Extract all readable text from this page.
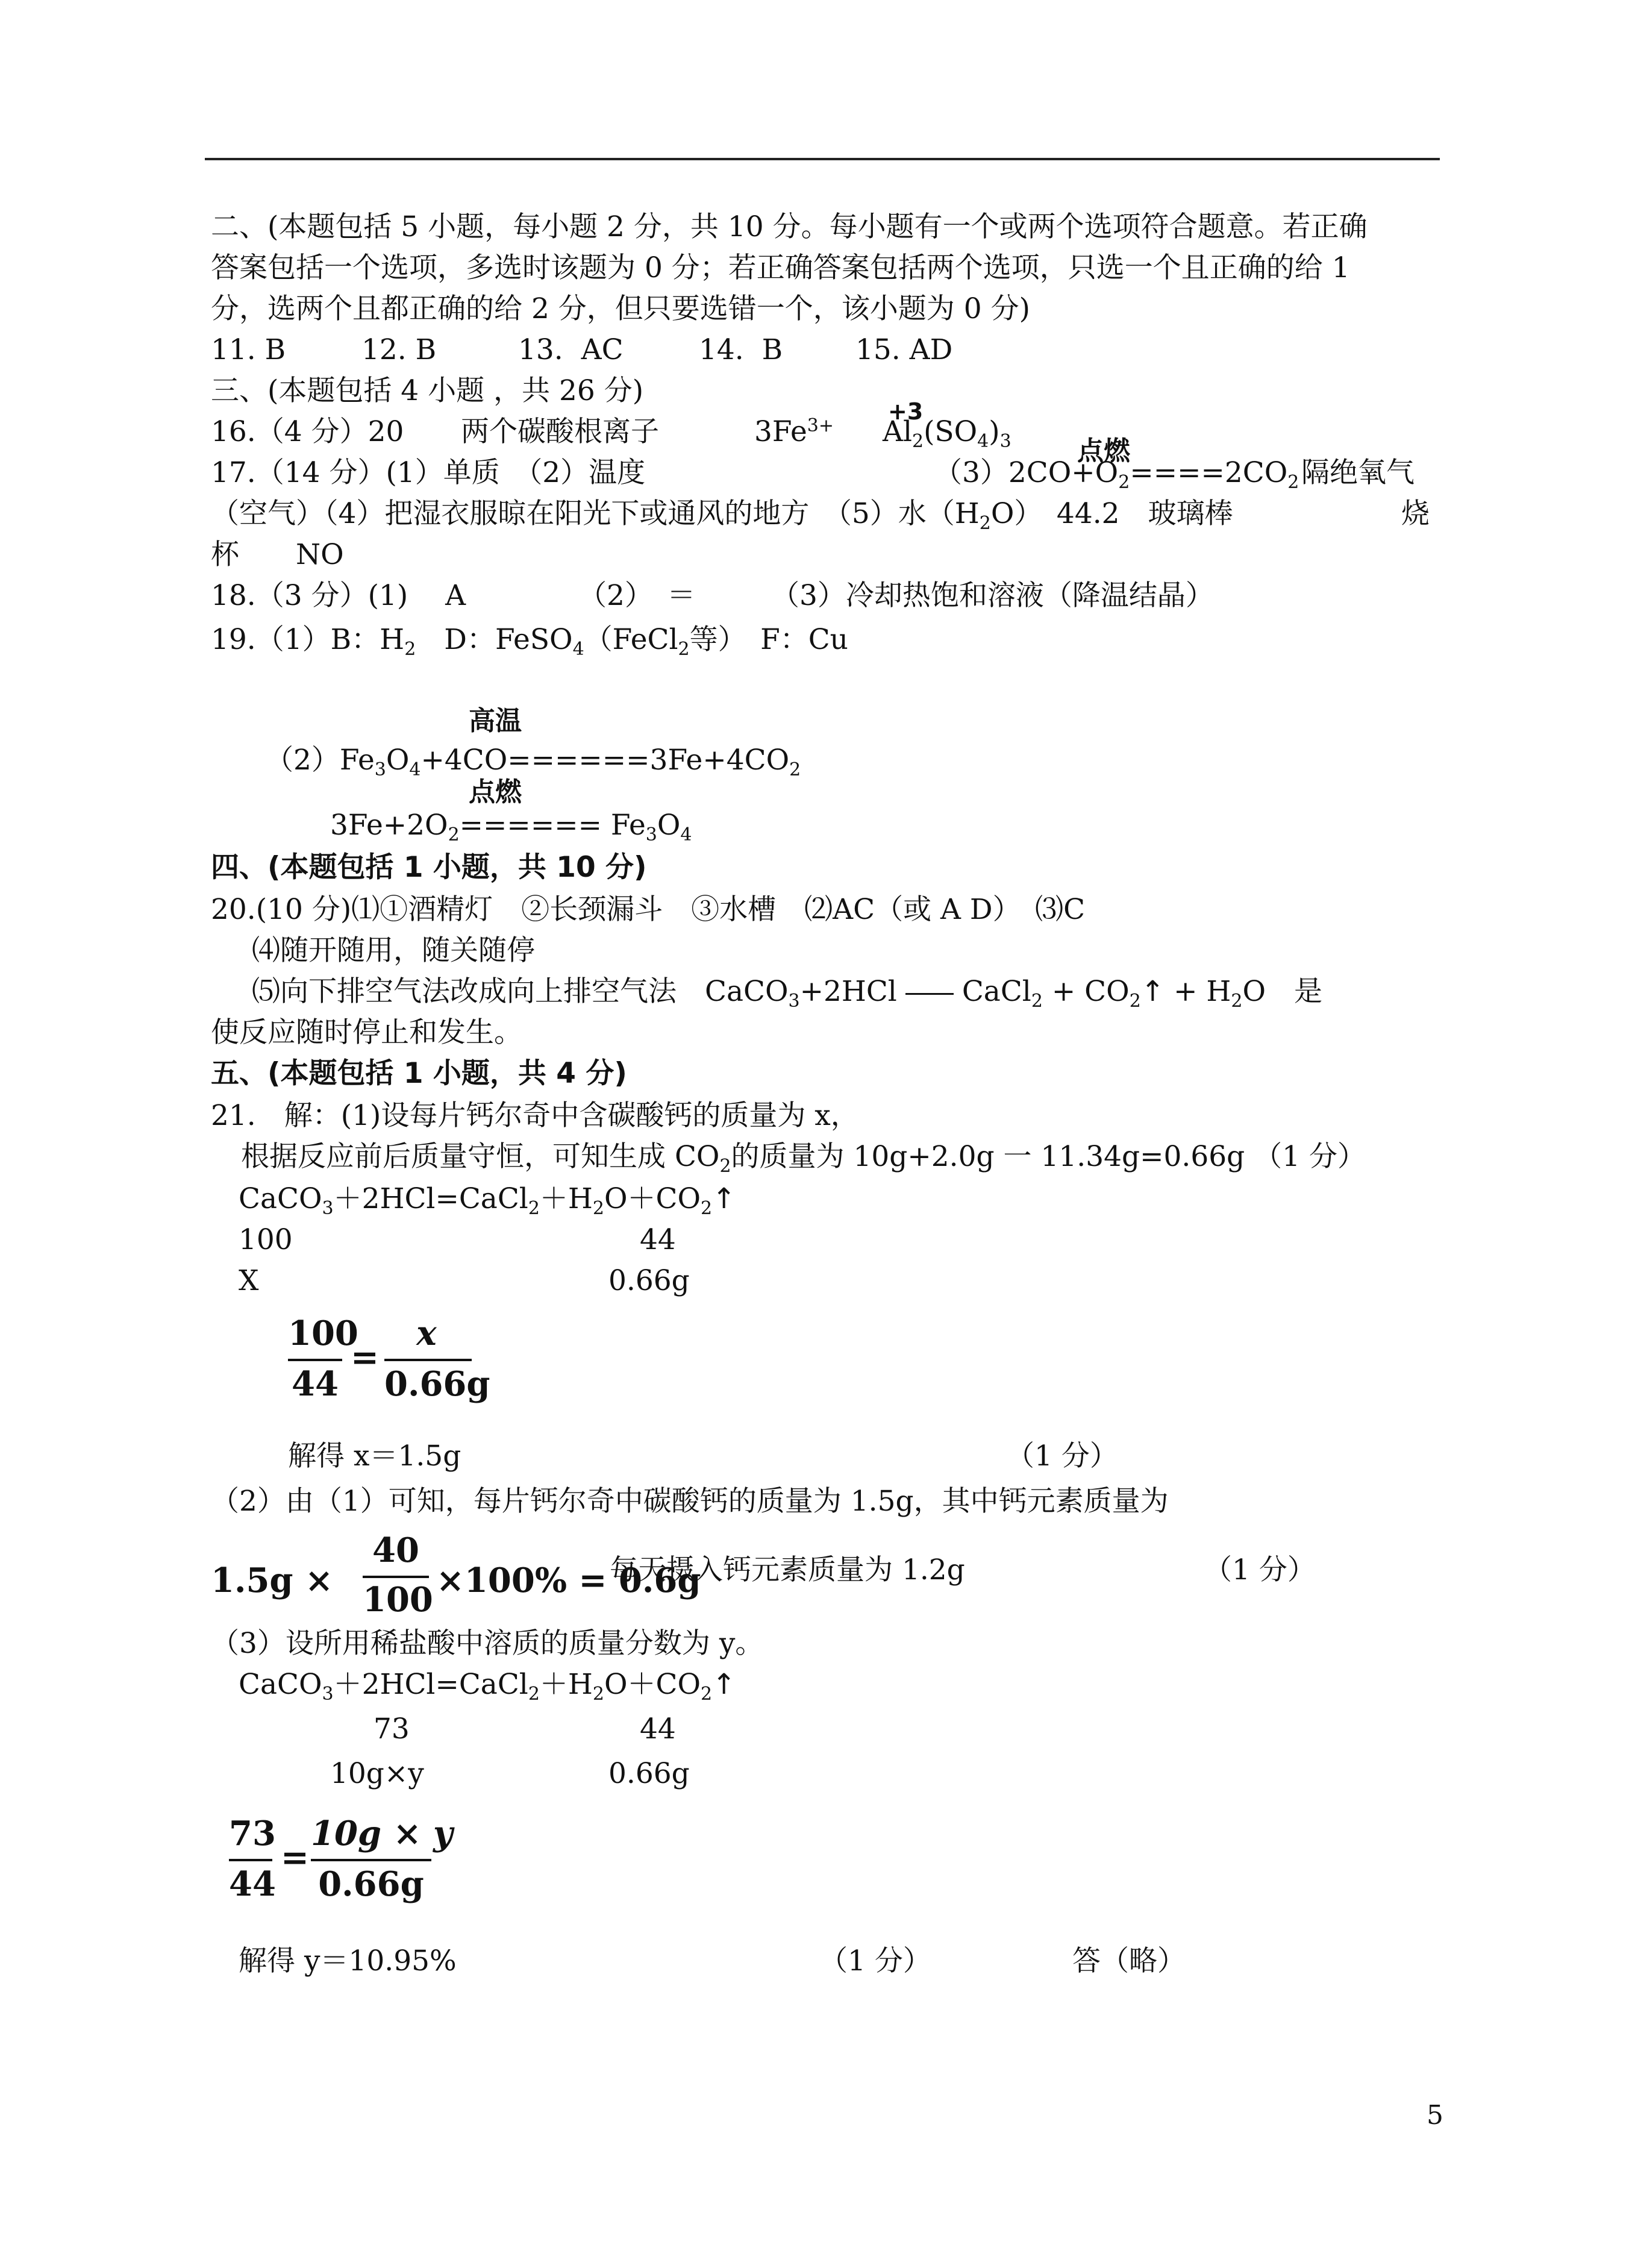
二、(本题包括 5 小题，每小题 2 分，共 10 分。每小题有一个或两个选项符合题意。若正确
答案包括一个选项，多选时该题为 0 分；若正确答案包括两个选项，只选一个且正确的给 1
分，选两个且都正确的给 2 分，但只要选错一个，该小题为 0 分)
11. B	12. B	13.  AC	14.  B	15. AD
三、(本题包括 4 小题 ，共 26 分)
+3
16.（4 分）20 两个碳酸根离子	$3Fe^{3+}$ $Al_2(SO_4)_3$ 点燃
17.（14 分）(1）单质　（2）温度	$(3)2CO+O_2====2CO_2$ 隔绝氧气
（空气）（4）把湿衣服晾在阳光下或通风的地方　（5）水$(H_2O)$　44.2　玻璃棒	烧
杯　　NO
18.（3 分）(1)　 A	（2）　＝	（3）冷却热饱和溶液（降温结晶）
19.（1）B：$H_2$　D：FeSO$_4$（FeCl$_2$等）　F：Cu
高温
$(2)Fe_3O_4+4CO======3Fe+4CO_2$
点燃
$3Fe+2O_2====== Fe_3O_4$
四、(本题包括 1 小题，共 10 分)
20.(10 分)⑴①酒精灯　②长颈漏斗　③水槽　⑵AC（或 A D）　⑶C
⑷随开随用，随关随停
⑸向下排空气法改成向上排空气法　CaCO$_3$+2HCl CaCl$_2$ + $CO_2↑ + H_2O$　是
使反应随时停止和发生。
五、(本题包括 1 小题，共 4 分)
21.　解：(1)设每片钙尔奇中含碳酸钙的质量为 x，
根据反应前后质量守恒，可知生成 $CO_2$的质量为 10g+2.0g 一 11.34g=0.66g （1 分）
$CaCO_3+2HCl=CaCl_2+H_2O+CO_2↑$
100	44
X	0.66g
100
44
=
x
0.66g
解得 x＝1.5g	（1 分）
（2）由（1）可知，每片钙尔奇中碳酸钙的质量为 1.5g，其中钙元素质量为
1.5g ×
40
100 ×100% = 0.6g
每天摄入钙元素质量为 1.2g	（1 分）
（3）设所用稀盐酸中溶质的质量分数为 y。
$CaCO_3+2HCl=CaCl_2+H_2O+CO_2↑$
73	44
10g×y	0.66g
73
44
=
10g × y
0.66g
解得 y＝10.95%	（1 分）	答（略）
5
